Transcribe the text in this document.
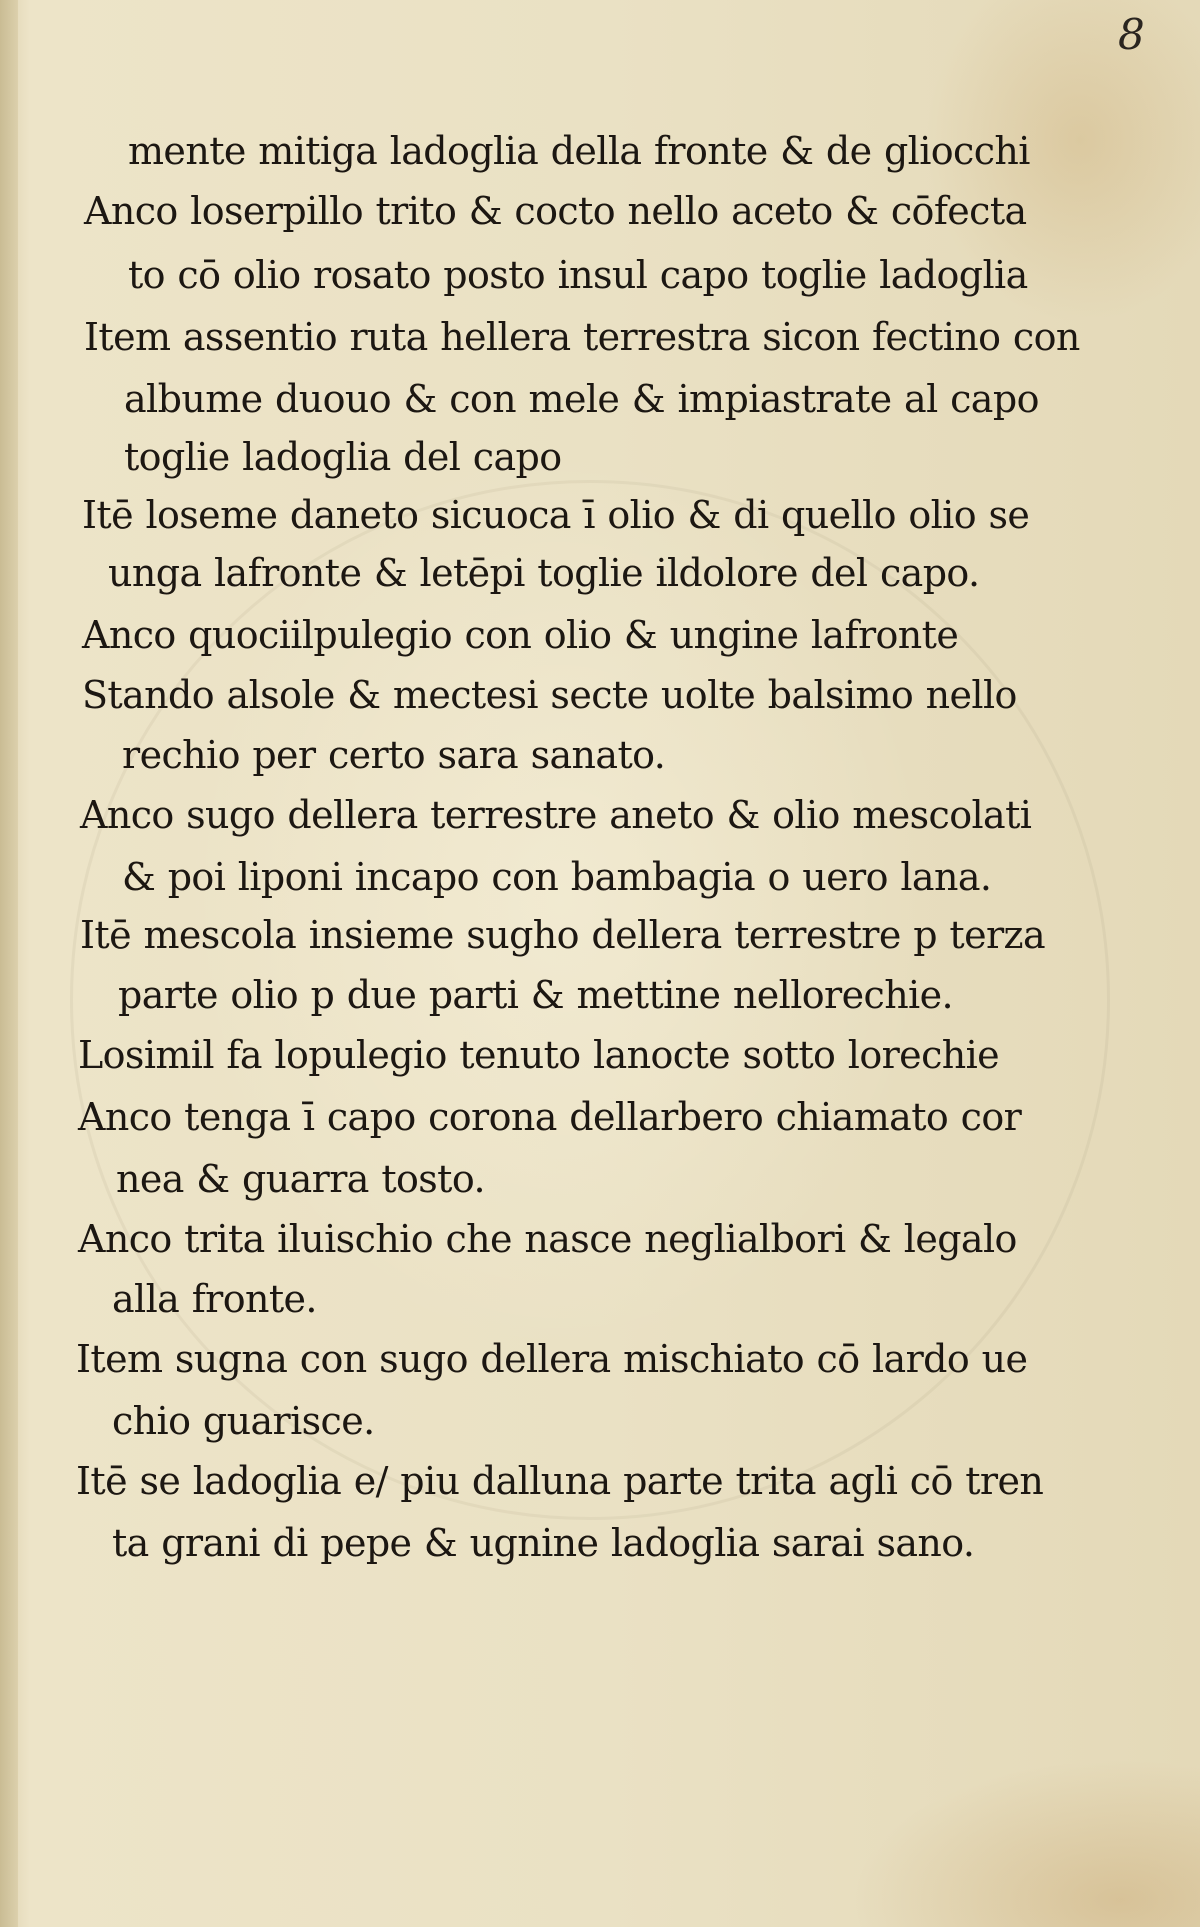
8
mente mitiga ladoglia della fronte & de gliocchi
Anco loserpillo trito & cocto nello aceto & cōfecta
to cō olio rosato posto insul capo toglie ladoglia
Item assentio ruta hellera terrestra sicon fectino con
albume duouo & con mele & impiastrate al capo
toglie ladoglia del capo
Itē loseme daneto sicuoca ī olio & di quello olio se
unga lafronte & letēpi toglie ildolore del capo.
Anco quociilpulegio con olio & ungine lafronte
Stando alsole & mectesi secte uolte balsimo nello
rechio per certo sara sanato.
Anco sugo dellera terrestre aneto & olio mescolati
& poi liponi incapo con bambagia o uero lana.
Itē mescola insieme sugho dellera terrestre p terza
parte olio p due parti & mettine nellorechie.
Losimil fa lopulegio tenuto lanocte sotto lorechie
Anco tenga ī capo corona dellarbero chiamato cor
nea & guarra tosto.
Anco trita iluischio che nasce neglialbori & legalo
alla fronte.
Item sugna con sugo dellera mischiato cō lardo ue
chio guarisce.
Itē se ladoglia e/ piu dalluna parte trita agli cō tren
ta grani di pepe & ugnine ladoglia sarai sano.
